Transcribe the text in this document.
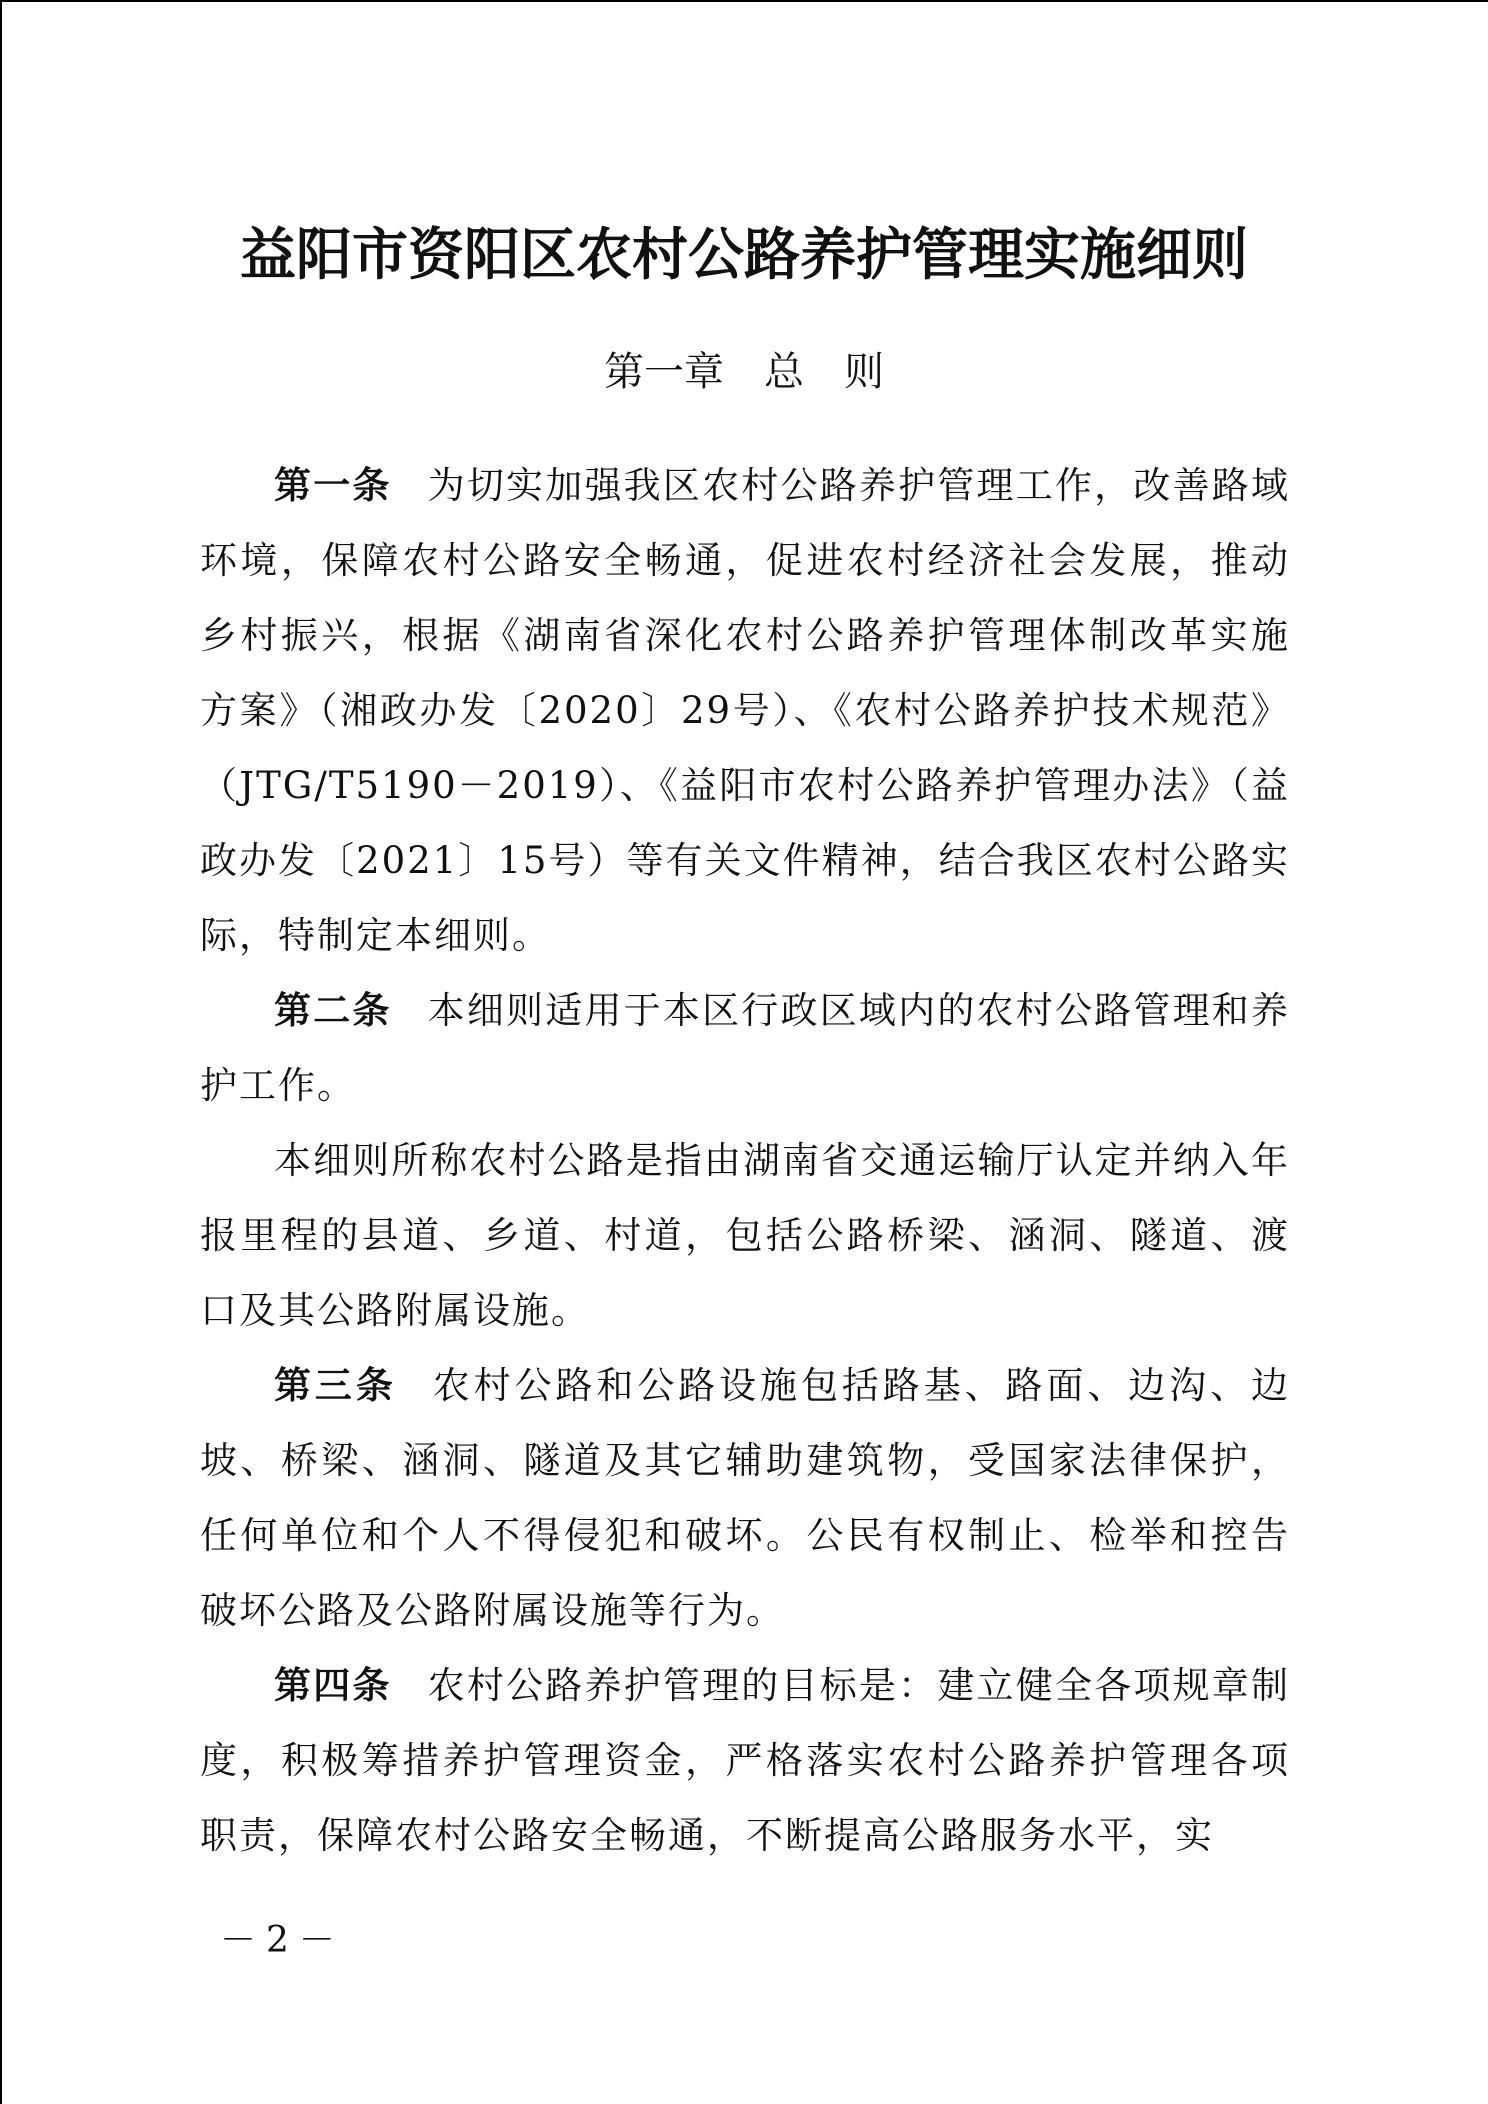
益阳市资阳区农村公路养护管理实施细则
第一章　总　则

第一条 为切实加强我区农村公路养护管理工作，改善路域环境，保障农村公路安全畅通，促进农村经济社会发展，推动乡村振兴，根据《湖南省深化农村公路养护管理体制改革实施方案》（湘政办发〔2020〕29号）、《农村公路养护技术规范》（JTG/T5190－2019）、《益阳市农村公路养护管理办法》（益政办发〔2021〕15号）等有关文件精神，结合我区农村公路实际，特制定本细则。

第二条 本细则适用于本区行政区域内的农村公路管理和养护工作。

本细则所称农村公路是指由湖南省交通运输厅认定并纳入年报里程的县道、乡道、村道，包括公路桥梁、涵洞、隧道、渡口及其公路附属设施。

第三条 农村公路和公路设施包括路基、路面、边沟、边坡、桥梁、涵洞、隧道及其它辅助建筑物，受国家法律保护，任何单位和个人不得侵犯和破坏。公民有权制止、检举和控告破坏公路及公路附属设施等行为。

第四条 农村公路养护管理的目标是：建立健全各项规章制度，积极筹措养护管理资金，严格落实农村公路养护管理各项职责，保障农村公路安全畅通，不断提高公路服务水平，实

－2－
